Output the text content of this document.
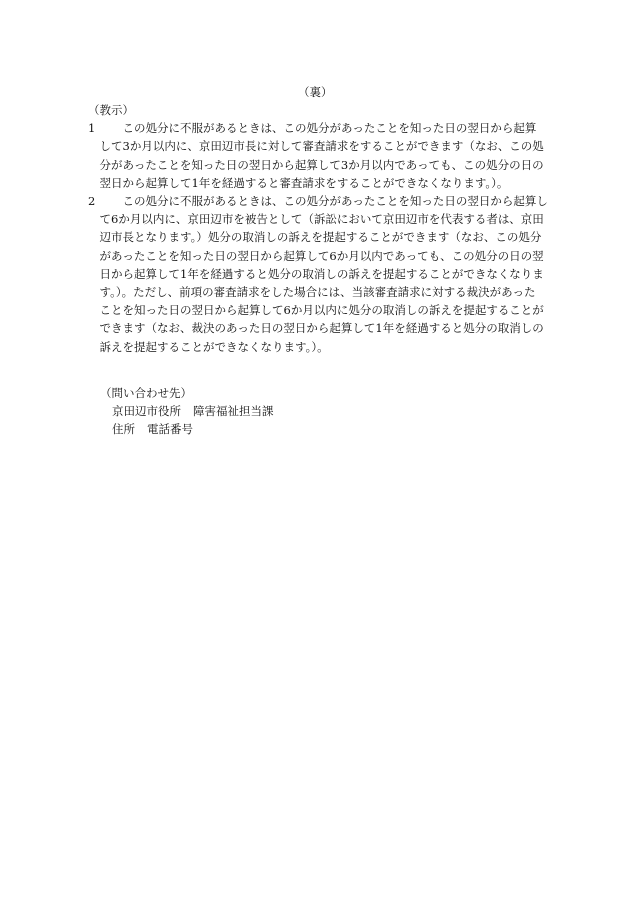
（裏）

（教示）

1	この処分に不服があるときは、この処分があったことを知った日の翌日から起算
して3か月以内に、京田辺市長に対して審査請求をすることができます（なお、この処
分があったことを知った日の翌日から起算して3か月以内であっても、この処分の日の
翌日から起算して1年を経過すると審査請求をすることができなくなります。）。
2	この処分に不服があるときは、この処分があったことを知った日の翌日から起算し
て6か月以内に、京田辺市を被告として（訴訟において京田辺市を代表する者は、京田
辺市長となります。）処分の取消しの訴えを提起することができます（なお、この処分
があったことを知った日の翌日から起算して6か月以内であっても、この処分の日の翌
日から起算して1年を経過すると処分の取消しの訴えを提起することができなくなりま
す。）。ただし、前項の審査請求をした場合には、当該審査請求に対する裁決があった
ことを知った日の翌日から起算して6か月以内に処分の取消しの訴えを提起することが
できます（なお、裁決のあった日の翌日から起算して1年を経過すると処分の取消しの
訴えを提起することができなくなります。）。
（問い合わせ先）
京田辺市役所 障害福祉担当課
住所 電話番号
